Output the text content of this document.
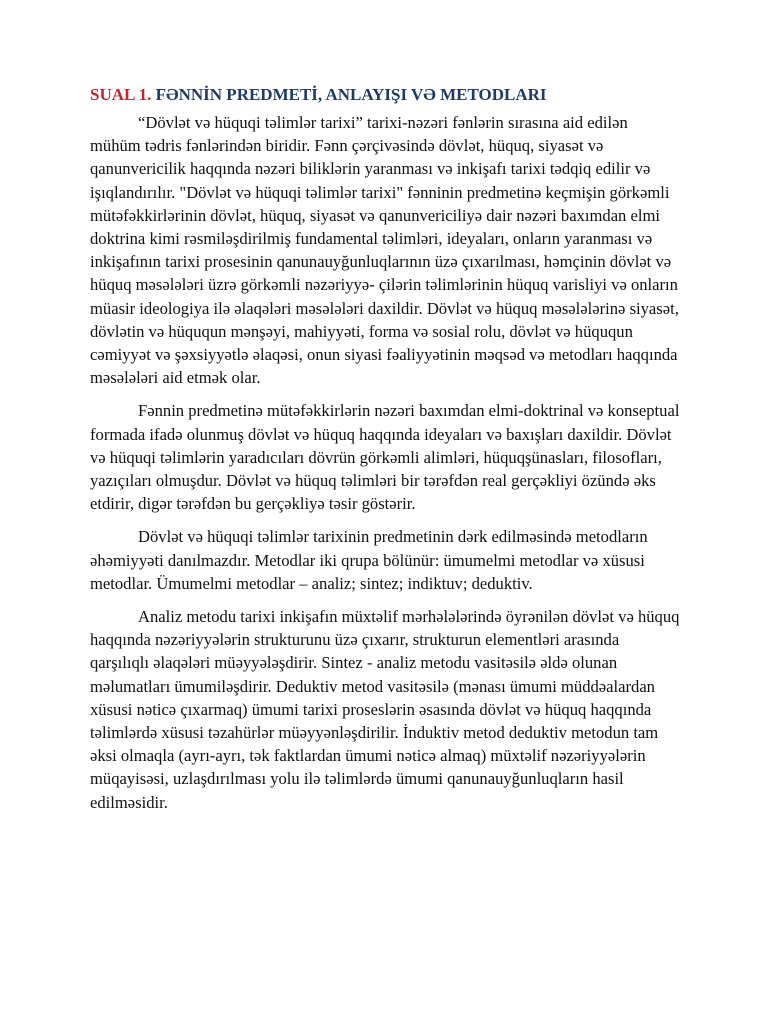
SUAL 1. FƏNNİN PREDMETİ, ANLAYIŞI VƏ METODLARI

“Dövlət və hüquqi təlimlər tarixi” tarixi-nəzəri fənlərin sırasına aid edilən mühüm tədris fənlərindən biridir. Fənn çərçivəsində dövlət, hüquq, siyasət və qanunvericilik haqqında nəzəri biliklərin yaranması və inkişafı tarixi tədqiq edilir və işıqlandırılır. "Dövlət və hüquqi təlimlər tarixi" fənninin predmetinə keçmişin görkəmli mütəfəkkirlərinin dövlət, hüquq, siyasət və qanunvericiliyə dair nəzəri baxımdan elmi doktrina kimi rəsmiləşdirilmiş fundamental təlimləri, ideyaları, onların yaranması və inkişafının tarixi prosesinin qanunauyğunluqlarının üzə çıxarılması, həmçinin dövlət və hüquq məsələləri üzrə görkəmli nəzəriyyə- çilərin təlimlərinin hüquq varisliyi və onların müasir ideologiya ilə əlaqələri məsələləri daxildir. Dövlət və hüquq məsələlərinə siyasət, dövlətin və hüququn mənşəyi, mahiyyəti, forma və sosial rolu, dövlət və hüququn cəmiyyət və şəxsiyyətlə əlaqəsi, onun siyasi fəaliyyətinin məqsəd və metodları haqqında məsələləri aid etmək olar.

Fənnin predmetinə mütəfəkkirlərin nəzəri baxımdan elmi-doktrinal və konseptual formada ifadə olunmuş dövlət və hüquq haqqında ideyaları və baxışları daxildir. Dövlət və hüquqi təlimlərin yaradıcıları dövrün görkəmli alimləri, hüquqşünasları, filosofları, yazıçıları olmuşdur. Dövlət və hüquq təlimləri bir tərəfdən real gerçəkliyi özündə əks etdirir, digər tərəfdən bu gerçəkliyə təsir göstərir.

Dövlət və hüquqi təlimlər tarixinin predmetinin dərk edilməsində metodların əhəmiyyəti danılmazdır. Metodlar iki qrupa bölünür: ümumelmi metodlar və xüsusi metodlar. Ümumelmi metodlar – analiz; sintez; indiktuv; deduktiv.

Analiz metodu tarixi inkişafın müxtəlif mərhələlərində öyrənilən dövlət və hüquq haqqında nəzəriyyələrin strukturunu üzə çıxarır, strukturun elementləri arasında qarşılıqlı əlaqələri müəyyələşdirir. Sintez - analiz metodu vasitəsilə əldə olunan məlumatları ümumiləşdirir. Deduktiv metod vasitəsilə (mənası ümumi müddəalardan xüsusi nəticə çıxarmaq) ümumi tarixi proseslərin əsasında dövlət və hüquq haqqında təlimlərdə xüsusi təzahürlər müəyyənləşdirilir. İnduktiv metod deduktiv metodun tam əksi olmaqla (ayrı-ayrı, tək faktlardan ümumi nəticə almaq) müxtəlif nəzəriyyələrin müqayisəsi, uzlaşdırılması yolu ilə təlimlərdə ümumi qanunauyğunluqların hasil edilməsidir.
